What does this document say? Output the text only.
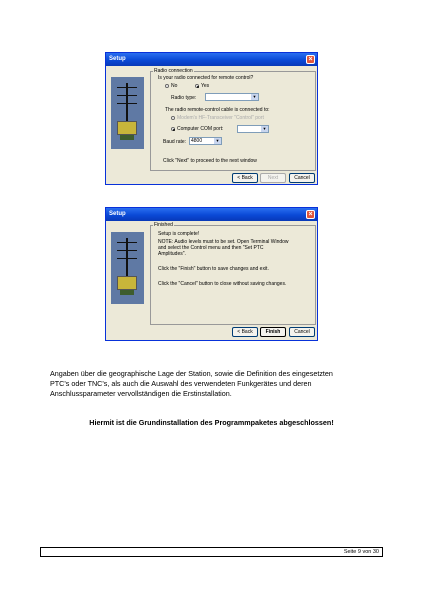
Setup	×
Radio connection
Is your radio connected for remote control?
No	Yes
Radio type:	▼
The radio remote-control cable is connected to:
Modem's HF-Transceiver "Control" port
Computer COM port:	▼
Baud rate: 4800	▼
Click "Next" to proceed to the next window
< Back	Next	Cancel
Setup	×
Finished
Setup is complete!
NOTE: Audio levels must to be set. Open Terminal Window
and select the Control menu and then "Set PTC
Amplitudes".
Click the "Finish" button to save changes and exit.
Click the "Cancel" button to close without saving changes.
< Back	Finish	Cancel
Angaben über die geographische Lage der Station, sowie die Definition des eingesetzten
PTC's oder TNC's, als auch die Auswahl des verwendeten Funkgerätes und deren
Anschlussparameter vervollständigen die Erstinstallation.
Hiermit ist die Grundinstallation des Programmpaketes abgeschlossen!
Seite 9 von 30
